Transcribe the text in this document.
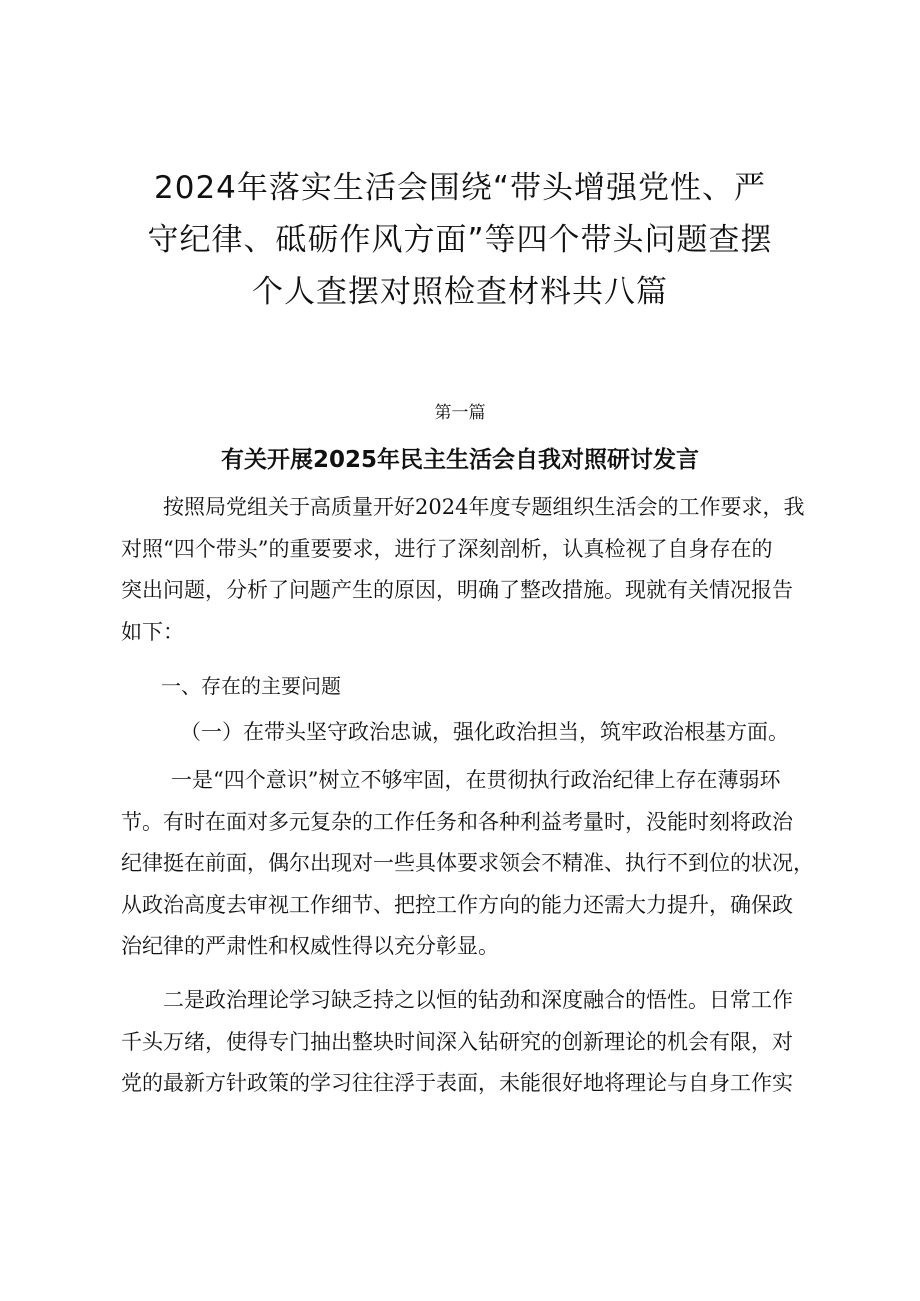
2024年落实生活会围绕“带头增强党性、严
守纪律、砥砺作风方面”等四个带头问题查摆
个人查摆对照检查材料共八篇
第一篇
有关开展2025年民主生活会自我对照研讨发言
按照局党组关于高质量开好2024年度专题组织生活会的工作要求，我
对照“四个带头”的重要要求，进行了深刻剖析，认真检视了自身存在的
突出问题，分析了问题产生的原因，明确了整改措施。现就有关情况报告
如下：
一、存在的主要问题
（一）在带头坚守政治忠诚，强化政治担当，筑牢政治根基方面。
一是“四个意识”树立不够牢固，在贯彻执行政治纪律上存在薄弱环
节。有时在面对多元复杂的工作任务和各种利益考量时，没能时刻将政治
纪律挺在前面，偶尔出现对一些具体要求领会不精准、执行不到位的状况，
从政治高度去审视工作细节、把控工作方向的能力还需大力提升，确保政
治纪律的严肃性和权威性得以充分彰显。
二是政治理论学习缺乏持之以恒的钻劲和深度融合的悟性。日常工作
千头万绪，使得专门抽出整块时间深入钻研究的创新理论的机会有限，对
党的最新方针政策的学习往往浮于表面，未能很好地将理论与自身工作实
